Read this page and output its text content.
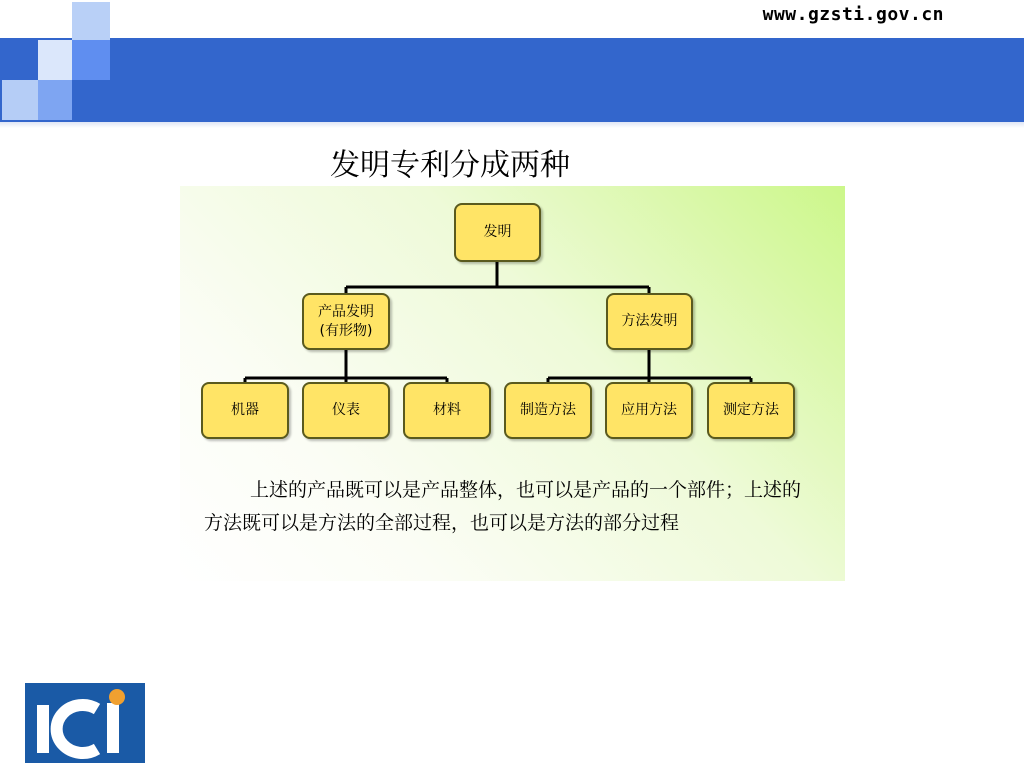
www.gzsti.gov.cn
发明专利分成两种
发明
产品发明
(有形物)
方法发明
机器	仪表	材料	制造方法	应用方法	测定方法
上述的产品既可以是产品整体，也可以是产品的一个部件；上述的方法既可以是方法的全部过程，也可以是方法的部分过程
